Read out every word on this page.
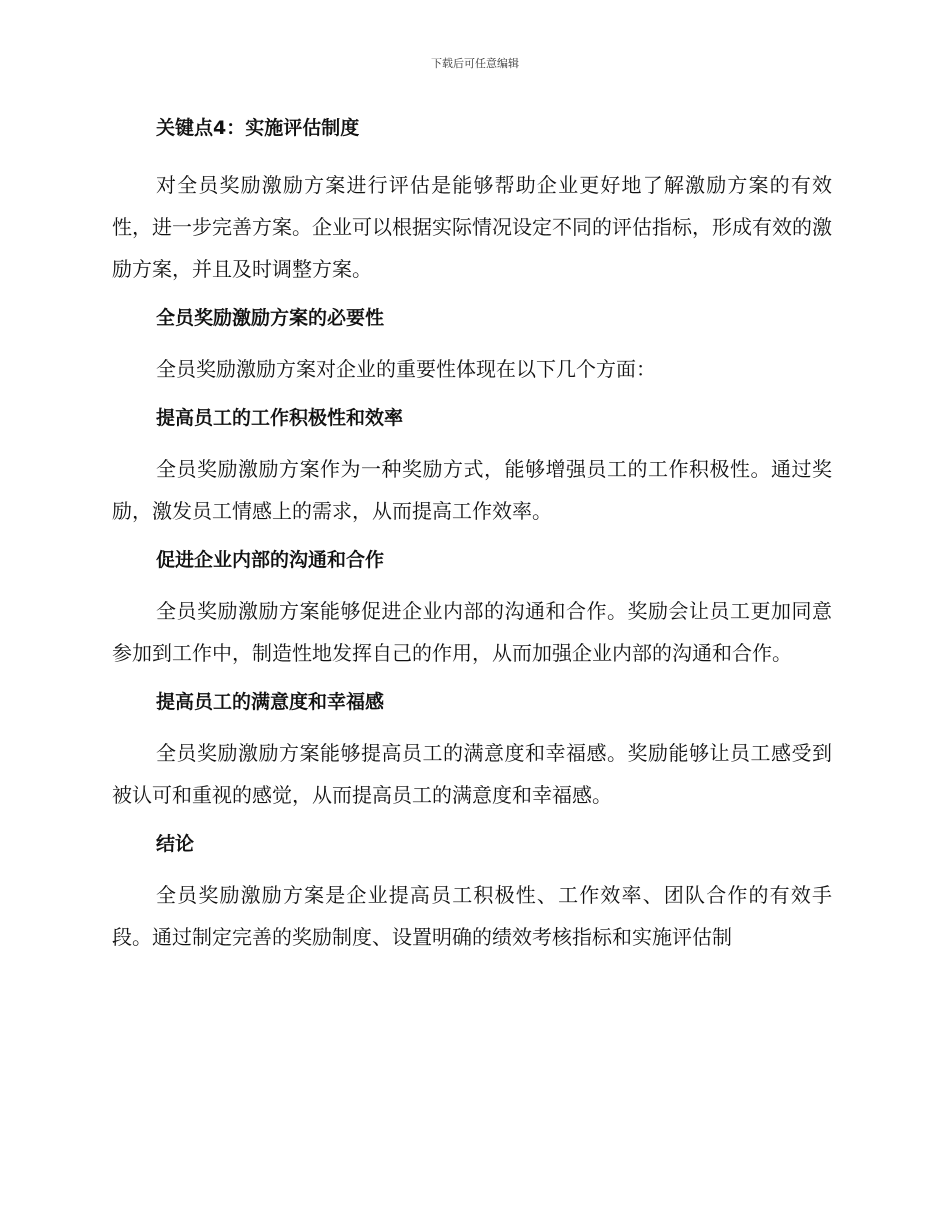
下载后可任意编辑

关键点4：实施评估制度

对全员奖励激励方案进行评估是能够帮助企业更好地了解激励方案的有效性，进一步完善方案。企业可以根据实际情况设定不同的评估指标，形成有效的激励方案，并且及时调整方案。

全员奖励激励方案的必要性

全员奖励激励方案对企业的重要性体现在以下几个方面：

提高员工的工作积极性和效率

全员奖励激励方案作为一种奖励方式，能够增强员工的工作积极性。通过奖励，激发员工情感上的需求，从而提高工作效率。

促进企业内部的沟通和合作

全员奖励激励方案能够促进企业内部的沟通和合作。奖励会让员工更加同意参加到工作中，制造性地发挥自己的作用，从而加强企业内部的沟通和合作。

提高员工的满意度和幸福感

全员奖励激励方案能够提高员工的满意度和幸福感。奖励能够让员工感受到被认可和重视的感觉，从而提高员工的满意度和幸福感。

结论

全员奖励激励方案是企业提高员工积极性、工作效率、团队合作的有效手段。通过制定完善的奖励制度、设置明确的绩效考核指标和实施评估制
